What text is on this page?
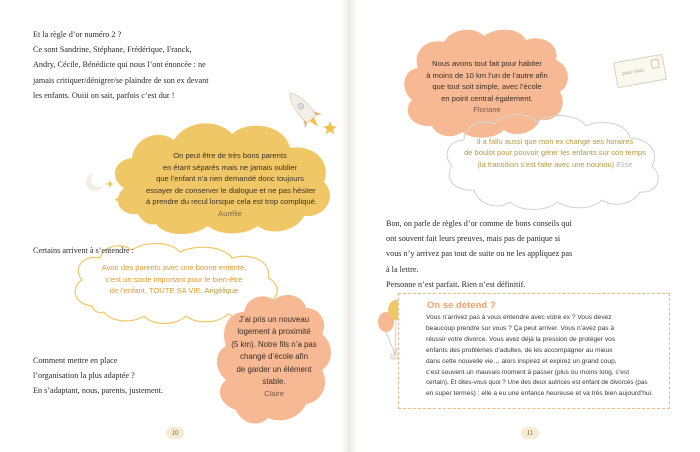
Et la règle d’or numéro 2 ?
Ce sont Sandrine, Stéphane, Frédérique, Franck,
Andry, Cécile, Bénédicte qui nous l’ont énoncée : ne
jamais critiquer/dénigrer/se plaindre de son ex devant
les enfants. Ouiii on sait, parfois c’est dur !
On peut être de très bons parents
en étant séparés mais ne jamais oublier
que l’enfant n’a rien demandé donc toujours
essayer de conserver le dialogue et ne pas hésiter
à prendre du recul lorsque cela est trop compliqué.
Aurélie
Certains arrivent à s’entendre :
Avoir des parents avec une bonne entente,
c’est un socle important pour le bien-être
de l’enfant, TOUTE SA VIE. Angélique
J’ai pris un nouveau
logement à proximité
(5 km). Notre fils n’a pas
changé d’école afin
de garder un élément
stable.
Claire
Comment mettre en place
l’organisation la plus adaptée ?
En s’adaptant, nous, parents, justement.
10
Nous avons tout fait pour habiter
à moins de 10 km l’un de l’autre afin
que tout soit simple, avec l’école
en point central également.
Floriane
pour vous
Il a fallu aussi que mon ex change ses horaires
de boulot pour pouvoir gérer les enfants sur son temps
(la transition s’est faite avec une nounou) Elise
Bon, on parle de règles d’or comme de bons conseils qui
ont souvent fait leurs preuves, mais pas de panique si
vous n’y arrivez pas tout de suite ou ne les appliquez pas
à la lettre.
Personne n’est parfait. Rien n’est définitif.
On se détend ?
Vous n’arrivez pas à vous entendre avec votre ex ? Vous devez
beaucoup prendre sur vous ? Ça peut arriver. Vous n’avez pas à
réussir votre divorce. Vous avez déjà la pression de protéger vos
enfants des problèmes d’adultes, de les accompagner au mieux
dans cette nouvelle vie… alors inspirez et expirez un grand coup,
c’est souvent un mauvais moment à passer (plus ou moins long, c’est
certain). Et dites-vous quoi ? Une des deux autrices est enfant de divorcés (pas
en super termes) : elle a eu une enfance heureuse et va très bien aujourd’hui.
11
